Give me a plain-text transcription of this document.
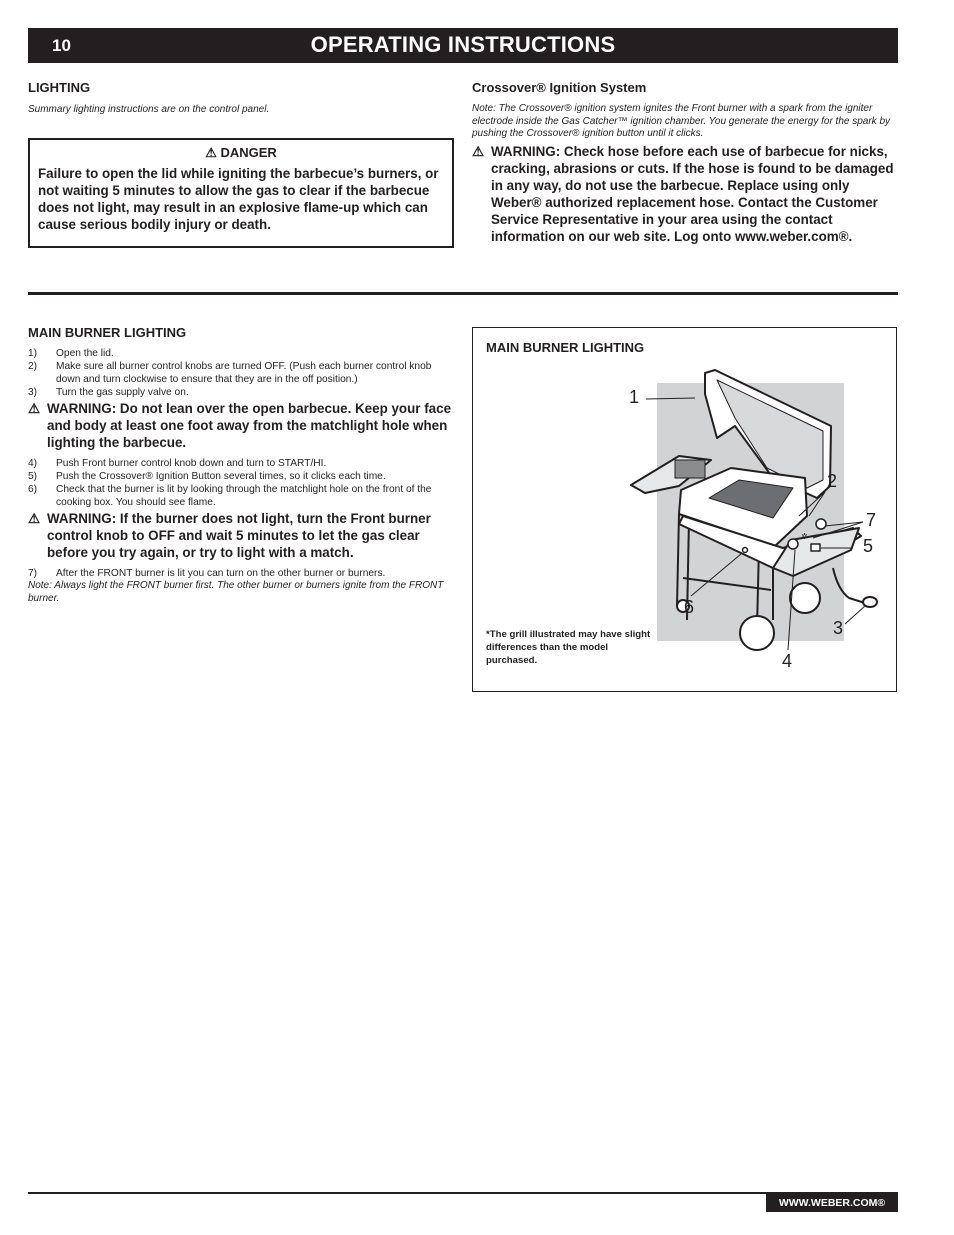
10	OPERATING INSTRUCTIONS
LIGHTING
Summary lighting instructions are on the control panel.
⚠ DANGER
Failure to open the lid while igniting the barbecue’s burners, or not waiting 5 minutes to allow the gas to clear if the barbecue does not light, may result in an explosive flame-up which can cause serious bodily injury or death.
Crossover® Ignition System
Note: The Crossover® ignition system ignites the Front burner with a spark from the igniter electrode inside the Gas Catcher™ ignition chamber. You generate the energy for the spark by pushing the Crossover® ignition button until it clicks.
⚠ WARNING: Check hose before each use of barbecue for nicks, cracking, abrasions or cuts. If the hose is found to be damaged in any way, do not use the barbecue. Replace using only Weber® authorized replacement hose. Contact the Customer Service Representative in your area using the contact information on our web site. Log onto www.weber.com®.
MAIN BURNER LIGHTING
1) Open the lid.
2) Make sure all burner control knobs are turned OFF. (Push each burner control knob down and turn clockwise to ensure that they are in the off position.)
3) Turn the gas supply valve on.
⚠ WARNING: Do not lean over the open barbecue. Keep your face and body at least one foot away from the matchlight hole when lighting the barbecue.
4) Push Front burner control knob down and turn to START/HI.
5) Push the Crossover® Ignition Button several times, so it clicks each time.
6) Check that the burner is lit by looking through the matchlight hole on the front of the cooking box. You should see flame.
⚠ WARNING: If the burner does not light, turn the Front burner control knob to OFF and wait 5 minutes to let the gas clear before you try again, or try to light with a match.
7) After the FRONT burner is lit you can turn on the other burner or burners.
Note: Always light the FRONT burner first. The other burner or burners ignite from the FRONT burner.
MAIN BURNER LIGHTING
✲
1
2
7
5
6
3
4
*The grill illustrated may have slight differences than the model purchased.
WWW.WEBER.COM®
